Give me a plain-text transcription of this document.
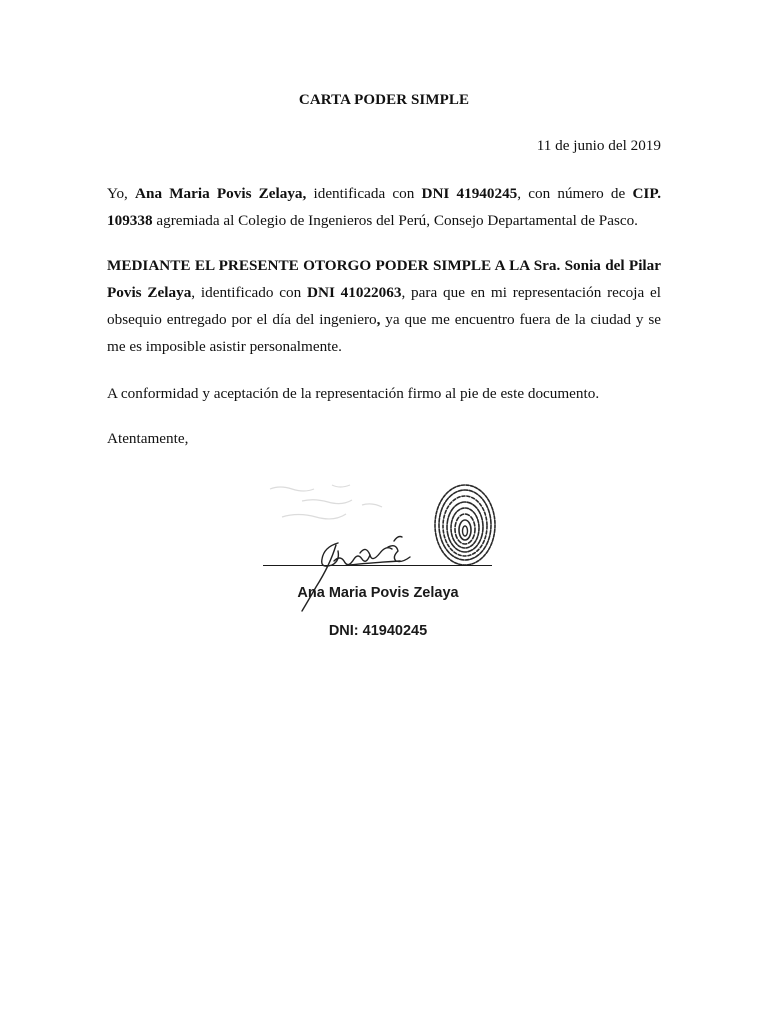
CARTA PODER SIMPLE
11 de junio del 2019
Yo, Ana Maria Povis Zelaya, identificada con DNI 41940245, con número de CIP. 109338 agremiada al Colegio de Ingenieros del Perú, Consejo Departamental de Pasco.
MEDIANTE EL PRESENTE OTORGO PODER SIMPLE A LA Sra. Sonia del Pilar Povis Zelaya, identificado con DNI 41022063, para que en mi representación recoja el obsequio entregado por el día del ingeniero, ya que me encuentro fuera de la ciudad y se me es imposible asistir personalmente.
A conformidad y aceptación de la representación firmo al pie de este documento.
Atentamente,
Ana Maria Povis Zelaya
DNI: 41940245
